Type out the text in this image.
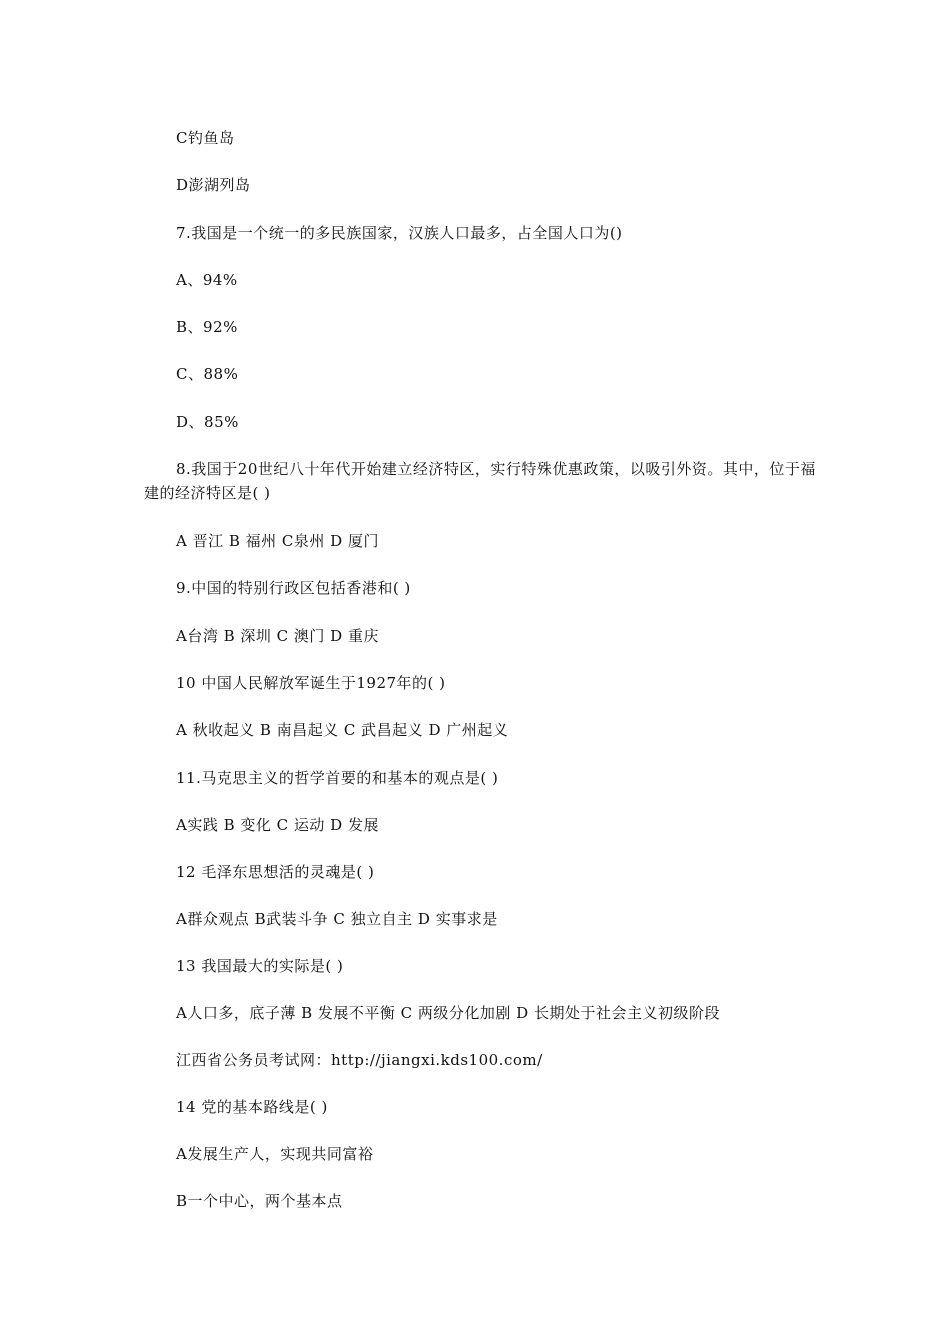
C钓鱼岛
D澎湖列岛
7.我国是一个统一的多民族国家，汉族人口最多，占全国人口为()
A、94%
B、92%
C、88%
D、85%
8.我国于20世纪八十年代开始建立经济特区，实行特殊优惠政策，以吸引外资。其中，位于福建的经济特区是( )
A 晋江 B 福州 C泉州 D 厦门
9.中国的特别行政区包括香港和( )
A台湾 B 深圳 C 澳门 D 重庆
10 中国人民解放军诞生于1927年的( )
A 秋收起义 B 南昌起义 C 武昌起义 D 广州起义
11.马克思主义的哲学首要的和基本的观点是( )
A实践 B 变化 C 运动 D 发展
12 毛泽东思想活的灵魂是( )
A群众观点 B武装斗争 C 独立自主 D 实事求是
13 我国最大的实际是( )
A人口多，底子薄 B 发展不平衡 C 两级分化加剧 D 长期处于社会主义初级阶段
江西省公务员考试网：http://jiangxi.kds100.com/
14 党的基本路线是( )
A发展生产人，实现共同富裕
B一个中心，两个基本点
